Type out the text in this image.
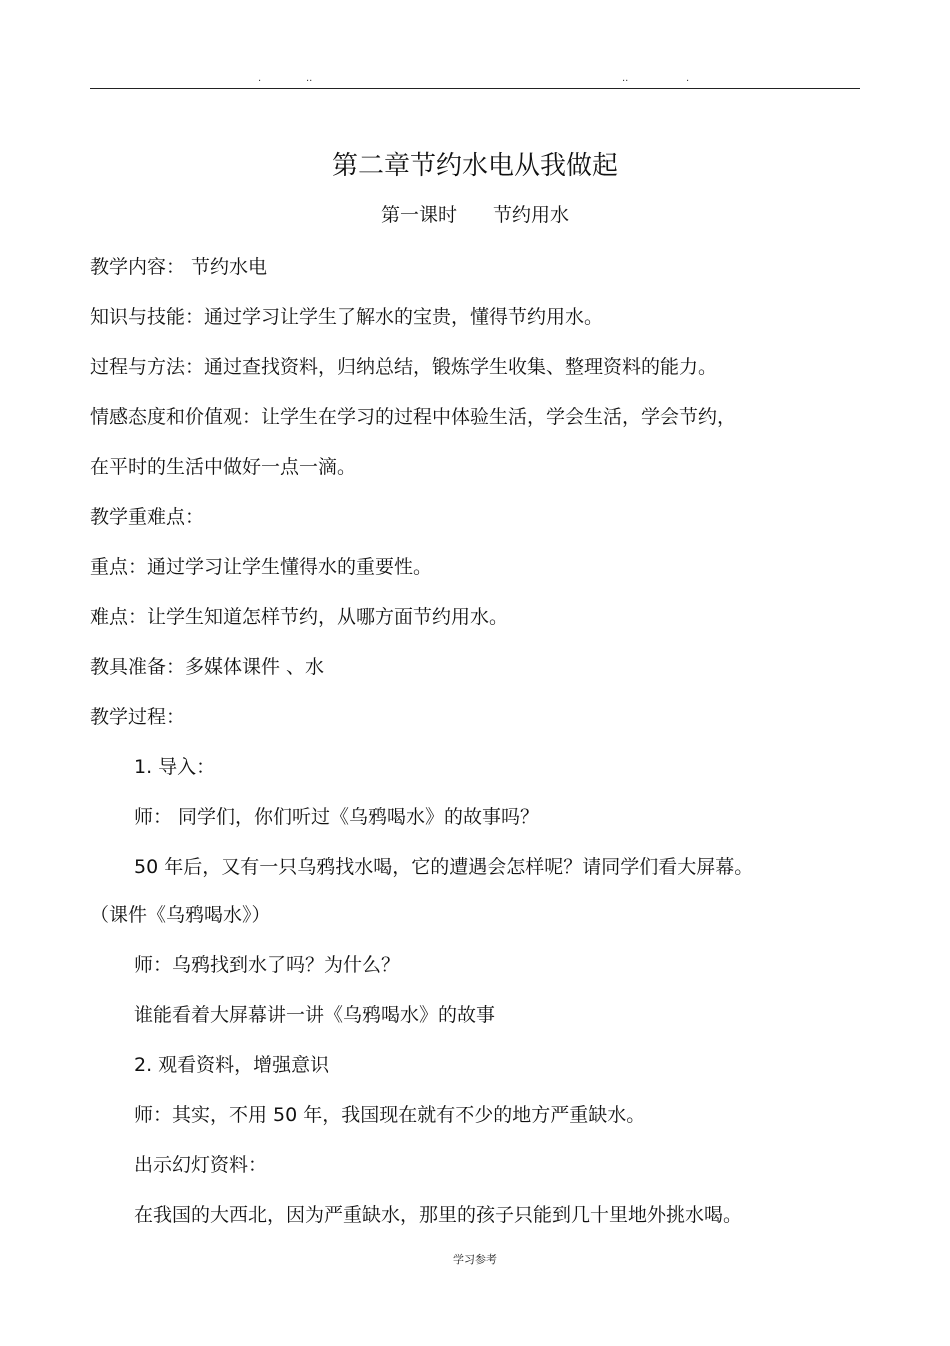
.	..	..	.
第二章节约水电从我做起
第一课时 节约用水
教学内容： 节约水电
知识与技能：通过学习让学生了解水的宝贵，懂得节约用水。
过程与方法：通过查找资料，归纳总结，锻炼学生收集、整理资料的能力。
情感态度和价值观：让学生在学习的过程中体验生活，学会生活，学会节约，
在平时的生活中做好一点一滴。
教学重难点：
重点：通过学习让学生懂得水的重要性。
难点：让学生知道怎样节约，从哪方面节约用水。
教具准备：多媒体课件 、水
教学过程：
1. 导入：
师： 同学们，你们听过《乌鸦喝水》的故事吗？
50 年后，又有一只乌鸦找水喝，它的遭遇会怎样呢？请同学们看大屏幕。
（课件《乌鸦喝水》）
师：乌鸦找到水了吗？为什么？
谁能看着大屏幕讲一讲《乌鸦喝水》的故事
2. 观看资料，增强意识
师：其实，不用 50 年，我国现在就有不少的地方严重缺水。
出示幻灯资料：
在我国的大西北，因为严重缺水，那里的孩子只能到几十里地外挑水喝。
学习参考
